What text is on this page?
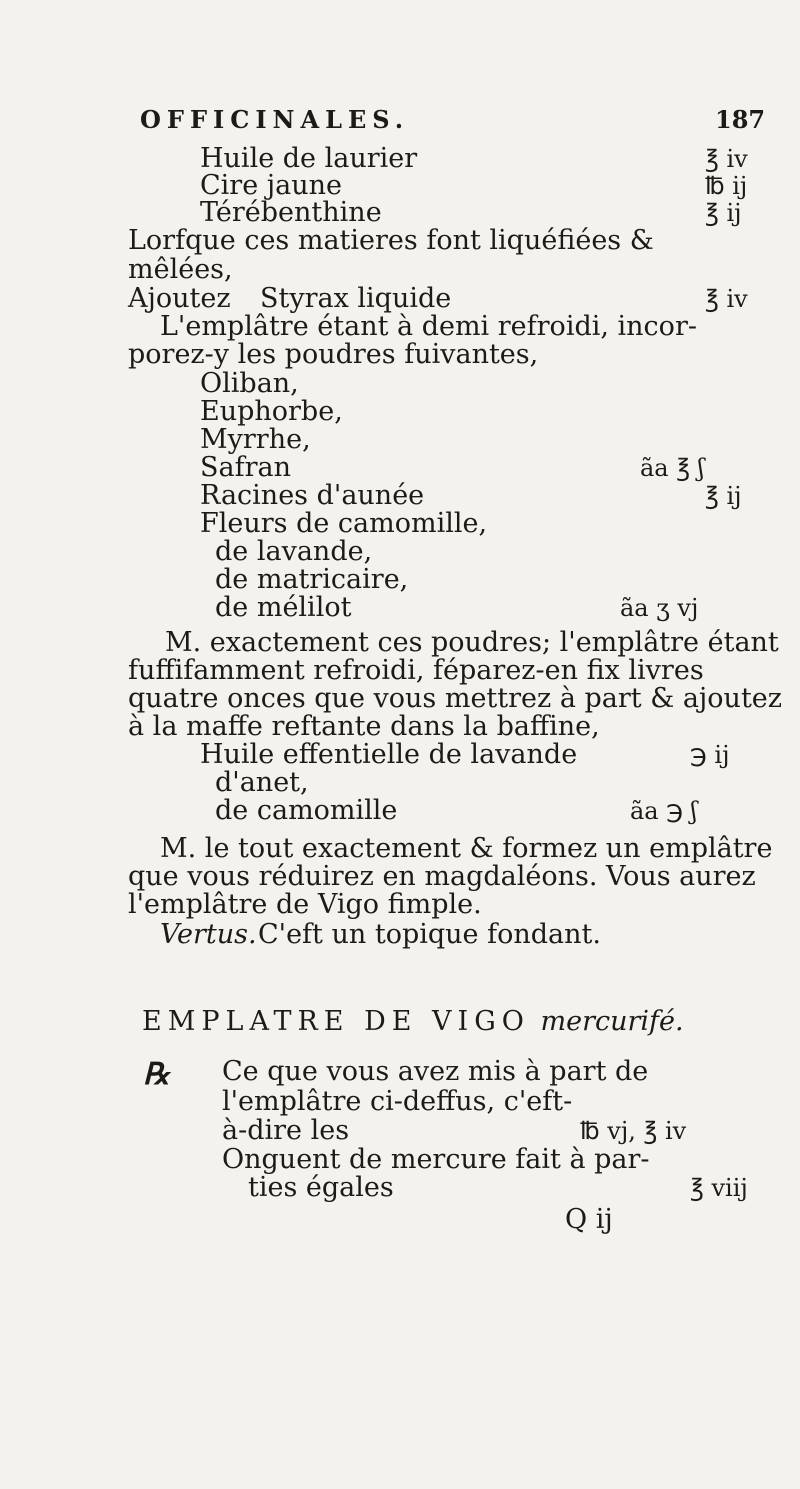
OFFICINALES.	187
Huile de laurier	℥ iv
Cire jaune	℔ ij
Térébenthine	℥ ij
Lorfque ces matieres font liquéfiées &
mêlées,
Ajoutez Styrax liquide	℥ iv
L'emplâtre étant à demi refroidi, incor-
porez-y les poudres fuivantes,
Oliban,
Euphorbe,
Myrrhe,
Safran	ãa ℥ ʃ
Racines d'aunée	℥ ij
Fleurs de camomille,
de lavande,
de matricaire,
de mélilot	ãa ʒ vj
M. exactement ces poudres; l'emplâtre étant
fuffifamment refroidi, féparez-en fix livres
quatre onces que vous mettrez à part & ajoutez
à la maffe reftante dans la baffine,
Huile effentielle de lavande	℈ ij
d'anet,
de camomille	ãa ℈ ʃ
M. le tout exactement & formez un emplâtre
que vous réduirez en magdaléons. Vous aurez
l'emplâtre de Vigo fimple.
Vertus. C'eft un topique fondant.
EMPLATRE DE VIGO mercurifé.
℞ Ce que vous avez mis à part de
l'emplâtre ci-deffus, c'eft-
à-dire les	℔ vj, ℥ iv
Onguent de mercure fait à par-
ties égales	℥ viij
Q ij
